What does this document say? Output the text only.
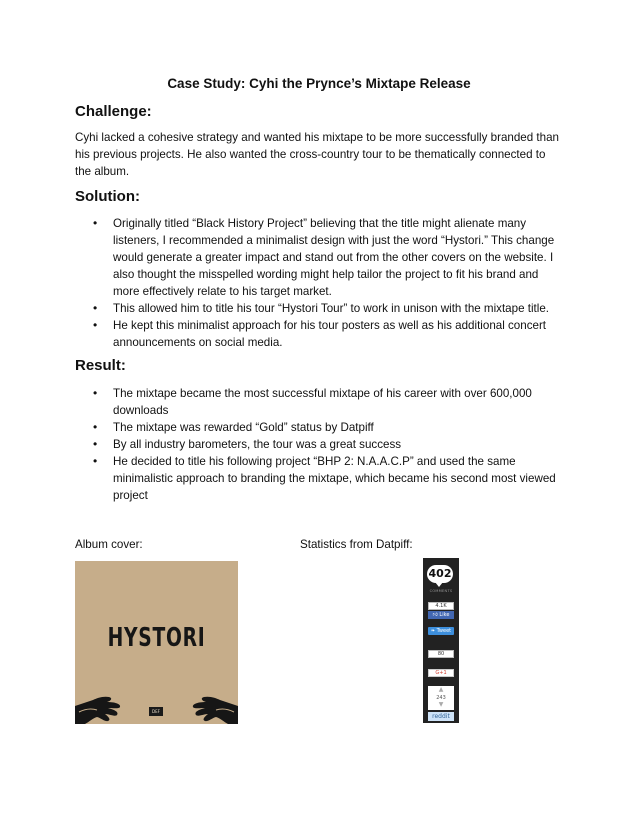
Case Study: Cyhi the Prynce’s Mixtape Release
Challenge:
Cyhi lacked a cohesive strategy and wanted his mixtape to be more successfully branded than
his previous projects. He also wanted the cross-country tour to be thematically connected to
the album.
Solution:
• Originally titled “Black History Project” believing that the title might alienate many
listeners, I recommended a minimalist design with just the word “Hystori.” This change
would generate a greater impact and stand out from the other covers on the website. I
also thought the misspelled wording might help tailor the project to fit his brand and
more effectively relate to his target market.
• This allowed him to title his tour “Hystori Tour” to work in unison with the mixtape title.
• He kept this minimalist approach for his tour posters as well as his additional concert
announcements on social media.
Result:
• The mixtape became the most successful mixtape of his career with over 600,000
downloads
• The mixtape was rewarded “Gold” status by Datpiff
• By all industry barometers, the tour was a great success
• He decided to title his following project “BHP 2: N.A.A.C.P” and used the same
minimalistic approach to branding the mixtape, which became his second most viewed
project
Album cover:	Statistics from Datpiff:
HYSTORI
DEF
402
COMMENTS
4.1K
👍︎ Like
❧ Tweet
80
G+1
▲
243
▼
reddit
